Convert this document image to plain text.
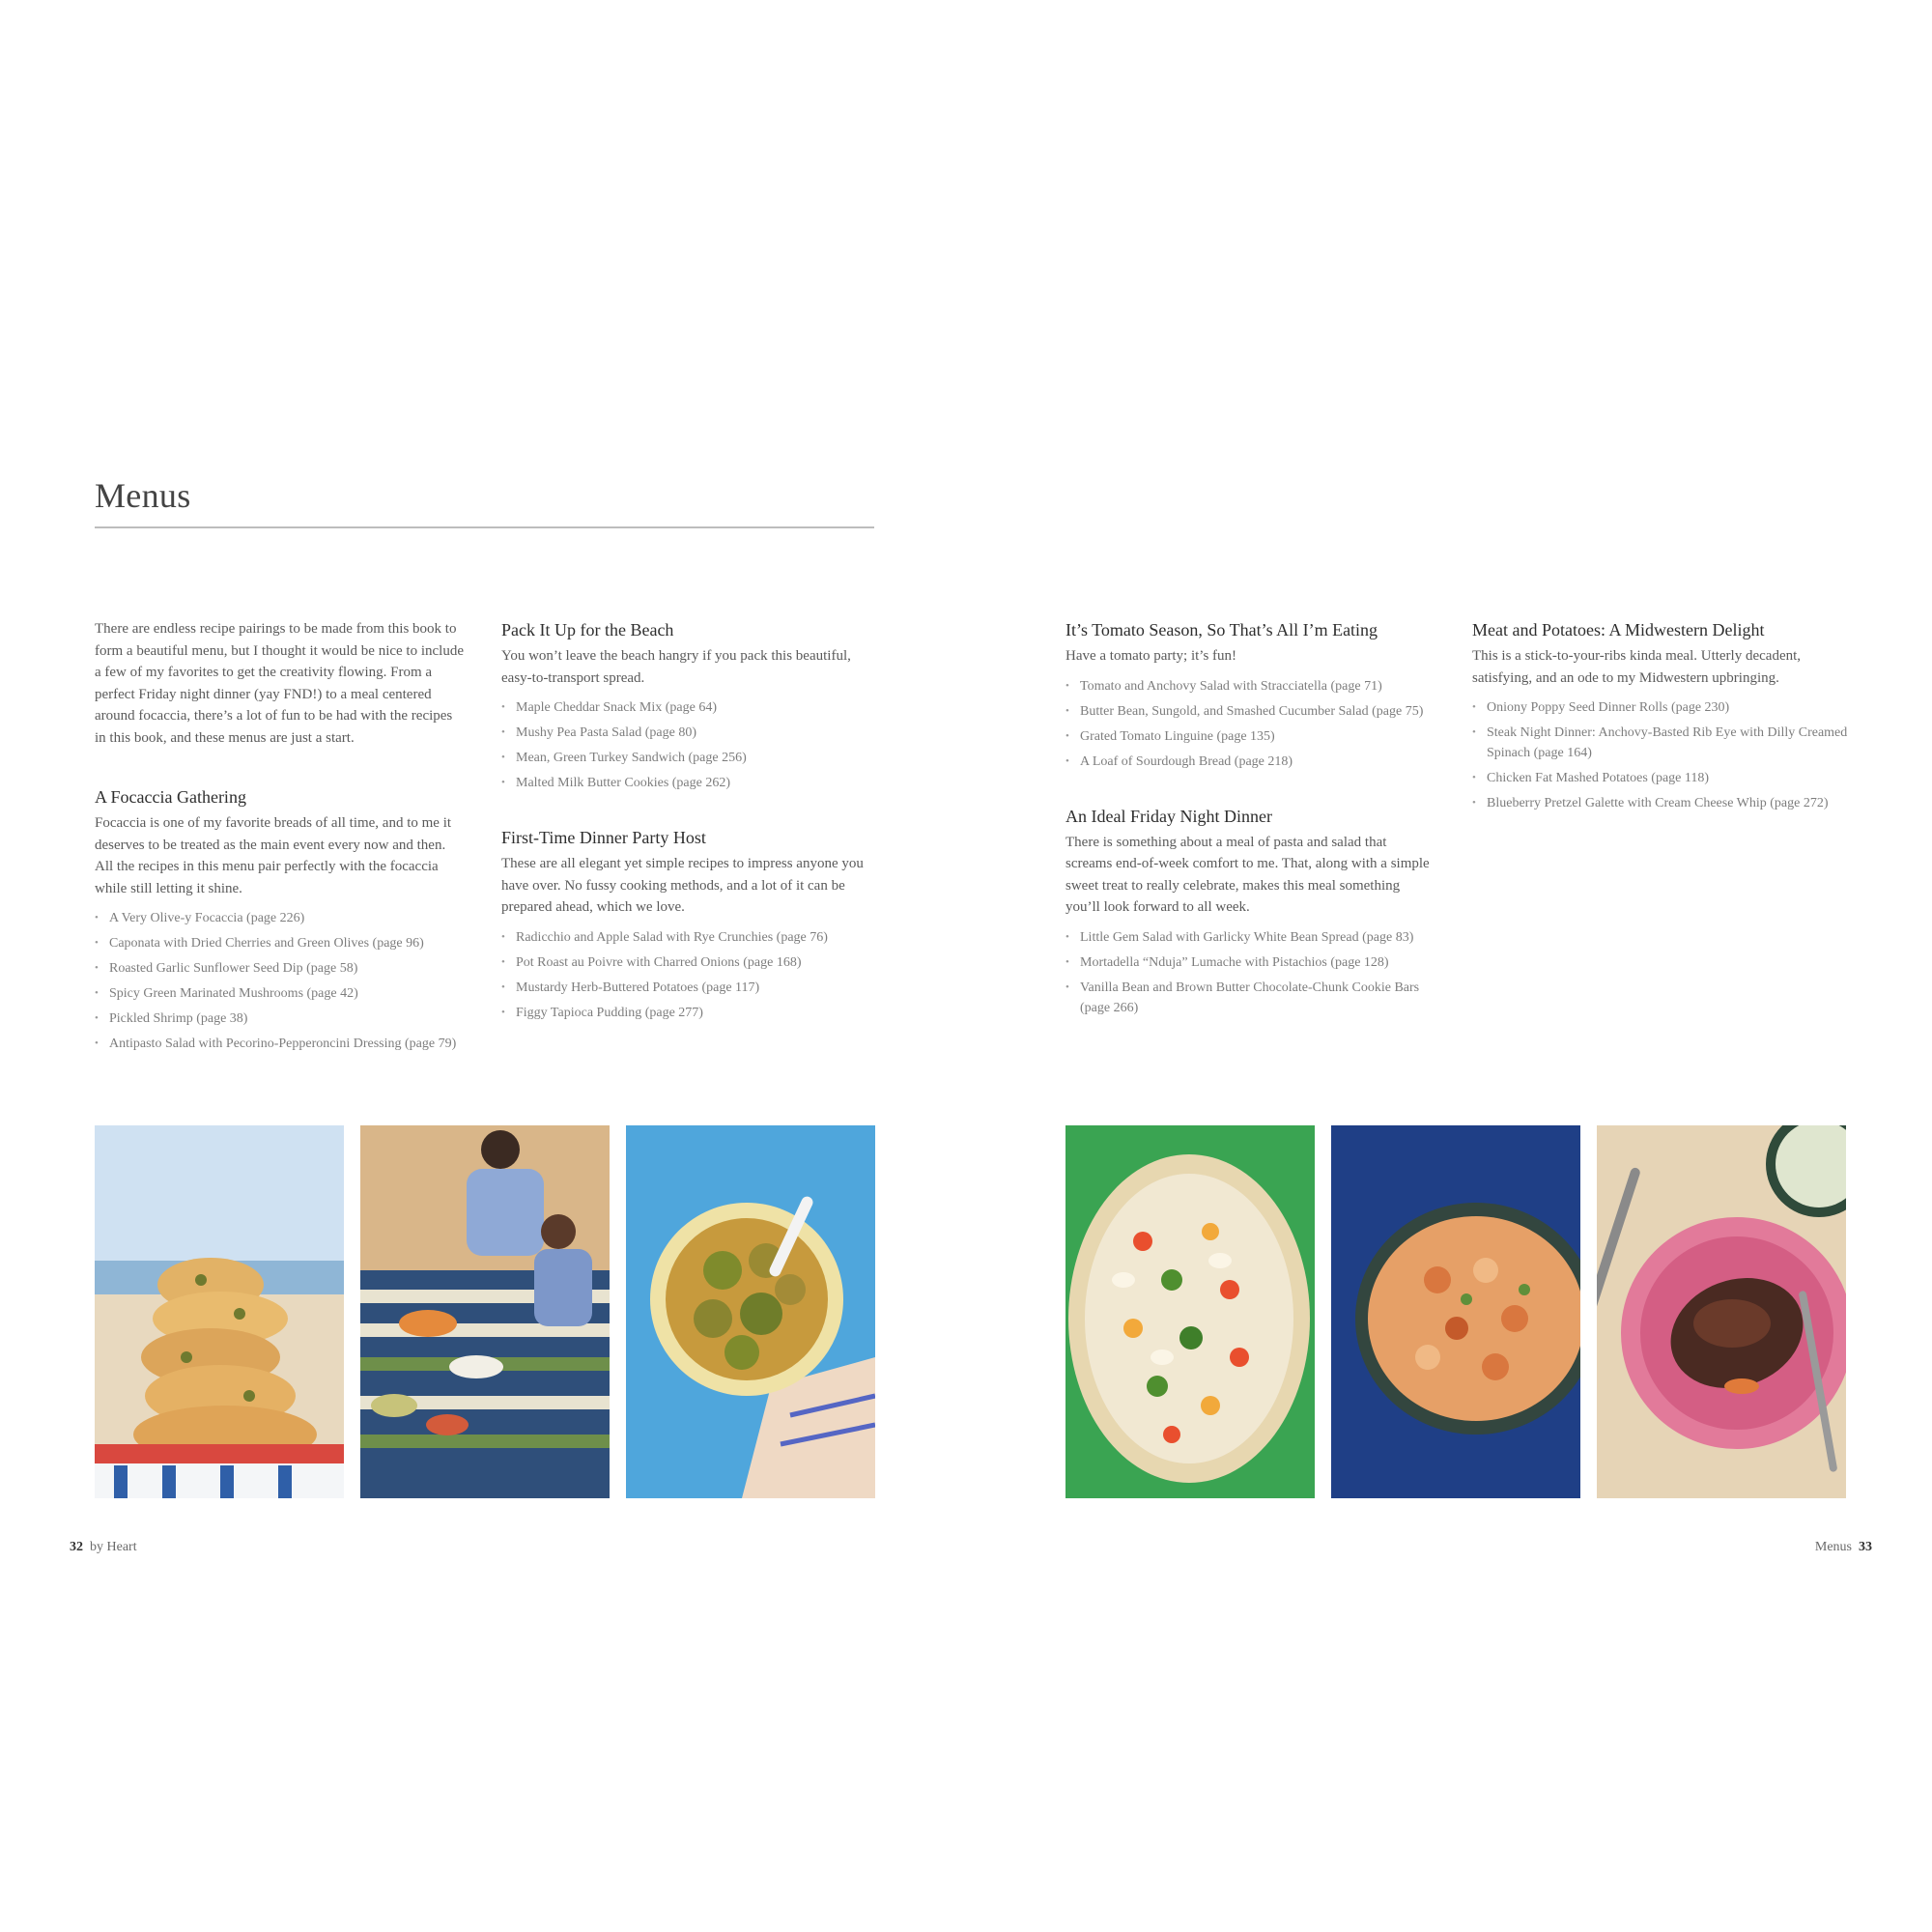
Menus

There are endless recipe pairings to be made from this book to form a beautiful menu, but I thought it would be nice to include a few of my favorites to get the creativity flowing. From a perfect Friday night dinner (yay FND!) to a meal centered around focaccia, there’s a lot of fun to be had with the recipes in this book, and these menus are just a start.

A Focaccia Gathering

Focaccia is one of my favorite breads of all time, and to me it deserves to be treated as the main event every now and then. All the recipes in this menu pair perfectly with the focaccia while still letting it shine.

• A Very Olive-y Focaccia (page 226)
• Caponata with Dried Cherries and Green Olives (page 96)
• Roasted Garlic Sunflower Seed Dip (page 58)
• Spicy Green Marinated Mushrooms (page 42)
• Pickled Shrimp (page 38)
• Antipasto Salad with Pecorino-Pepperoncini Dressing (page 79)
Pack It Up for the Beach

You won’t leave the beach hangry if you pack this beautiful, easy-to-transport spread.

• Maple Cheddar Snack Mix (page 64)
• Mushy Pea Pasta Salad (page 80)
• Mean, Green Turkey Sandwich (page 256)
• Malted Milk Butter Cookies (page 262)
First-Time Dinner Party Host

These are all elegant yet simple recipes to impress anyone you have over. No fussy cooking methods, and a lot of it can be prepared ahead, which we love.

• Radicchio and Apple Salad with Rye Crunchies (page 76)
• Pot Roast au Poivre with Charred Onions (page 168)
• Mustardy Herb-Buttered Potatoes (page 117)
• Figgy Tapioca Pudding (page 277)
It’s Tomato Season, So That’s All I’m Eating

Have a tomato party; it’s fun!

• Tomato and Anchovy Salad with Stracciatella (page 71)
• Butter Bean, Sungold, and Smashed Cucumber Salad (page 75)
• Grated Tomato Linguine (page 135)
• A Loaf of Sourdough Bread (page 218)
An Ideal Friday Night Dinner

There is something about a meal of pasta and salad that screams end-of-week comfort to me. That, along with a simple sweet treat to really celebrate, makes this meal something you’ll look forward to all week.

• Little Gem Salad with Garlicky White Bean Spread (page 83)
• Mortadella “Nduja” Lumache with Pistachios (page 128)
• Vanilla Bean and Brown Butter Chocolate-Chunk Cookie Bars (page 266)
Meat and Potatoes: A Midwestern Delight

This is a stick-to-your-ribs kinda meal. Utterly decadent, satisfying, and an ode to my Midwestern upbringing.

• Oniony Poppy Seed Dinner Rolls (page 230)
• Steak Night Dinner: Anchovy-Basted Rib Eye with Dilly Creamed Spinach (page 164)
• Chicken Fat Mashed Potatoes (page 118)
• Blueberry Pretzel Galette with Cream Cheese Whip (page 272)
32 by Heart	Menus 33
